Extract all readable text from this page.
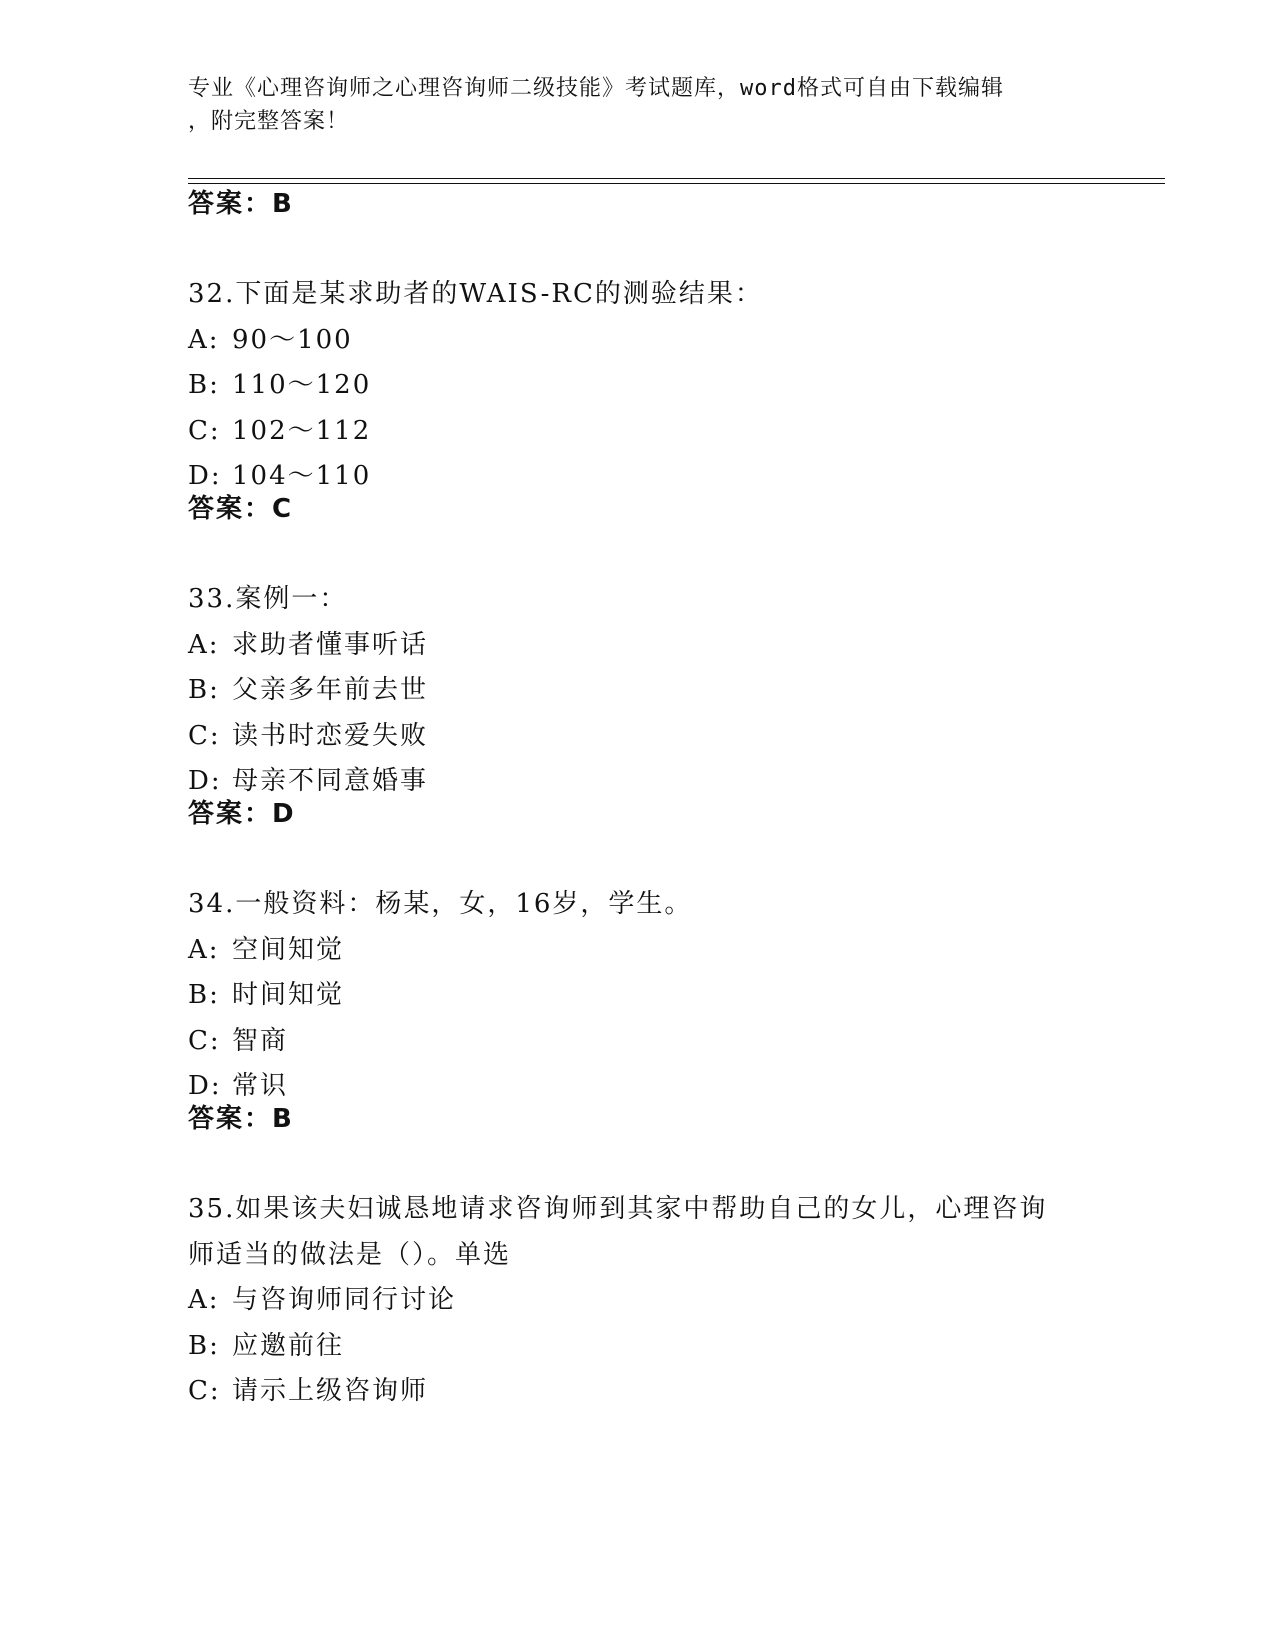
专业《心理咨询师之心理咨询师二级技能》考试题库，word格式可自由下载编辑
，附完整答案！
答案：B
32.下面是某求助者的WAIS-RC的测验结果：
A: 90～100
B: 110～120
C: 102～112
D: 104～110
答案：C
33.案例一：
A: 求助者懂事听话
B: 父亲多年前去世
C: 读书时恋爱失败
D: 母亲不同意婚事
答案：D
34.一般资料：杨某，女，16岁，学生。
A: 空间知觉
B: 时间知觉
C: 智商
D: 常识
答案：B
35.如果该夫妇诚恳地请求咨询师到其家中帮助自己的女儿，心理咨询
师适当的做法是（）。单选
A: 与咨询师同行讨论
B: 应邀前往
C: 请示上级咨询师
